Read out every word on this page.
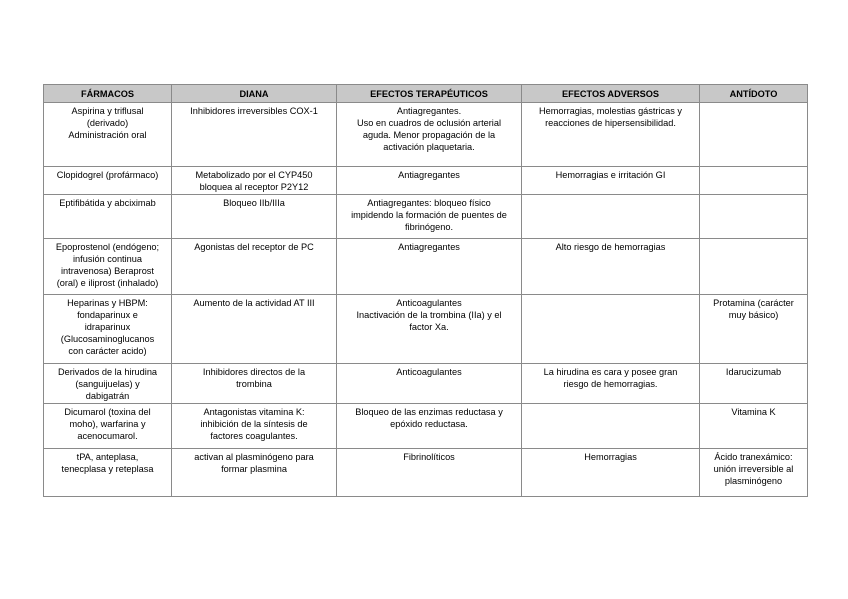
FÁRMACOS	DIANA	EFECTOS TERAPÉUTICOS	EFECTOS ADVERSOS	ANTÍDOTO

Aspirina y triflusal
(derivado)
Administración oral	Inhibidores irreversibles COX-1	Antiagregantes.
Uso en cuadros de oclusión arterial
aguda. Menor propagación de la
activación plaquetaria.	Hemorragias, molestias gástricas y
reacciones de hipersensibilidad.	

Clopidogrel (profármaco)	Metabolizado por el CYP450
bloquea al receptor P2Y12	Antiagregantes	Hemorragias e irritación GI	

Eptifibátida y abciximab	Bloqueo IIb/IIIa	Antiagregantes: bloqueo físico
impidendo la formación de puentes de
fibrinógeno.		

Epoprostenol (endógeno;
infusión continua
intravenosa) Beraprost
(oral) e iliprost (inhalado)	Agonistas del receptor de PC	Antiagregantes	Alto riesgo de hemorragias	

Heparinas y HBPM:
fondaparinux e
idraparinux
(Glucosaminoglucanos
con carácter acido)	Aumento de la actividad AT III	Anticoagulantes
Inactivación de la trombina (IIa) y el
factor Xa.		Protamina (carácter
muy básico)

Derivados de la hirudina
(sanguijuelas) y
dabigatrán	Inhibidores directos de la
trombina	Anticoagulantes	La hirudina es cara y posee gran
riesgo de hemorragias.	Idarucizumab

Dicumarol (toxina del
moho), warfarina y
acenocumarol.	Antagonistas vitamina K:
inhibición de la síntesis de
factores coagulantes.	Bloqueo de las enzimas reductasa y
epóxido reductasa.		Vitamina K

tPA, anteplasa,
tenecplasa y reteplasa	activan al plasminógeno para
formar plasmina	Fibrinolíticos	Hemorragias	Ácido tranexámico:
unión irreversible al
plasminógeno
